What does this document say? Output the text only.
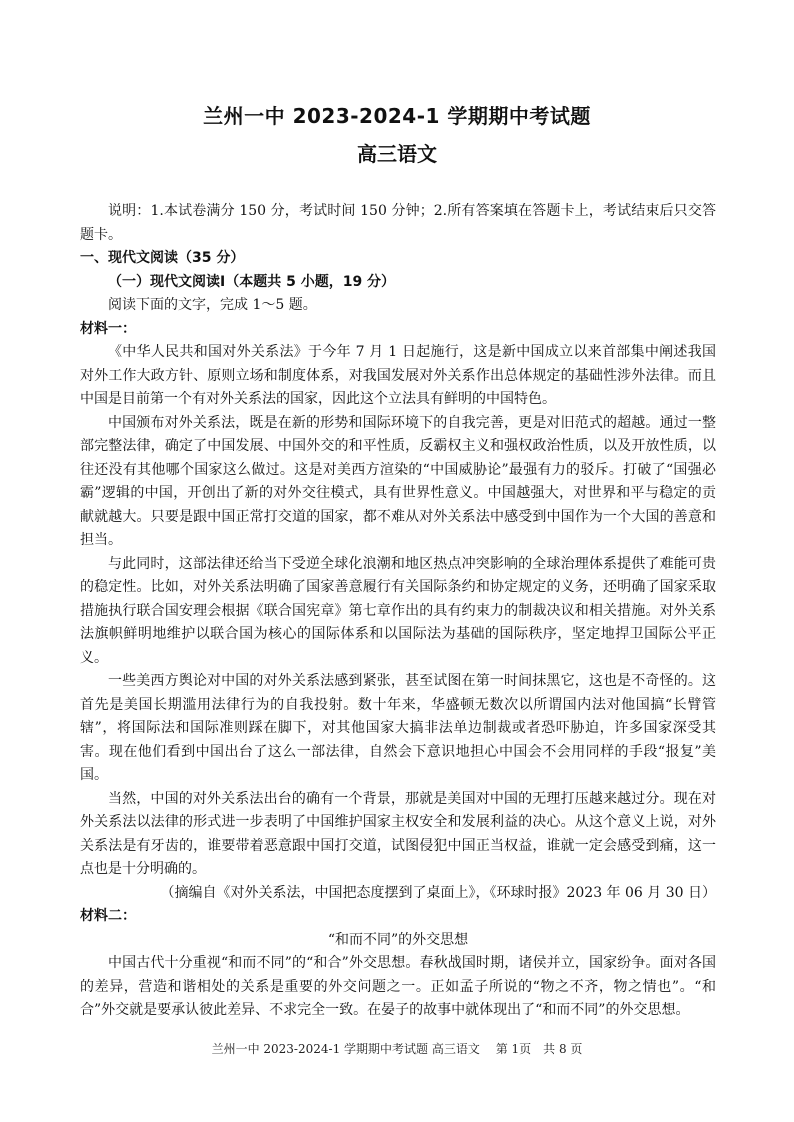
兰州一中 2023-2024-1 学期期中考试题
高三语文

说明：1.本试卷满分 150 分，考试时间 150 分钟；2.所有答案填在答题卡上，考试结束后只交答题卡。

一、现代文阅读（35 分）

（一）现代文阅读Ⅰ（本题共 5 小题，19 分）

阅读下面的文字，完成 1～5 题。

材料一：

《中华人民共和国对外关系法》于今年 7 月 1 日起施行，这是新中国成立以来首部集中阐述我国对外工作大政方针、原则立场和制度体系，对我国发展对外关系作出总体规定的基础性涉外法律。而且中国是目前第一个有对外关系法的国家，因此这个立法具有鲜明的中国特色。

中国颁布对外关系法，既是在新的形势和国际环境下的自我完善，更是对旧范式的超越。通过一整部完整法律，确定了中国发展、中国外交的和平性质，反霸权主义和强权政治性质，以及开放性质，以往还没有其他哪个国家这么做过。这是对美西方渲染的“中国威胁论”最强有力的驳斥。打破了“国强必霸”逻辑的中国，开创出了新的对外交往模式，具有世界性意义。中国越强大，对世界和平与稳定的贡献就越大。只要是跟中国正常打交道的国家，都不难从对外关系法中感受到中国作为一个大国的善意和担当。

与此同时，这部法律还给当下受逆全球化浪潮和地区热点冲突影响的全球治理体系提供了难能可贵的稳定性。比如，对外关系法明确了国家善意履行有关国际条约和协定规定的义务，还明确了国家采取措施执行联合国安理会根据《联合国宪章》第七章作出的具有约束力的制裁决议和相关措施。对外关系法旗帜鲜明地维护以联合国为核心的国际体系和以国际法为基础的国际秩序，坚定地捍卫国际公平正义。

一些美西方舆论对中国的对外关系法感到紧张，甚至试图在第一时间抹黑它，这也是不奇怪的。这首先是美国长期滥用法律行为的自我投射。数十年来，华盛顿无数次以所谓国内法对他国搞“长臂管辖”，将国际法和国际准则踩在脚下，对其他国家大搞非法单边制裁或者恐吓胁迫，许多国家深受其害。现在他们看到中国出台了这么一部法律，自然会下意识地担心中国会不会用同样的手段“报复”美国。

当然，中国的对外关系法出台的确有一个背景，那就是美国对中国的无理打压越来越过分。现在对外关系法以法律的形式进一步表明了中国维护国家主权安全和发展利益的决心。从这个意义上说，对外关系法是有牙齿的，谁要带着恶意跟中国打交道，试图侵犯中国正当权益，谁就一定会感受到痛，这一点也是十分明确的。

（摘编自《对外关系法，中国把态度摆到了桌面上》，《环球时报》2023 年 06 月 30 日）

材料二：

“和而不同”的外交思想

中国古代十分重视“和而不同”的“和合”外交思想。春秋战国时期，诸侯并立，国家纷争。面对各国的差异，营造和谐相处的关系是重要的外交问题之一。正如孟子所说的“物之不齐，物之情也”。“和合”外交就是要承认彼此差异、不求完全一致。在晏子的故事中就体现出了“和而不同”的外交思想。

兰州一中 2023-2024-1 学期期中考试题 高三语文 第 1页　共 8 页
